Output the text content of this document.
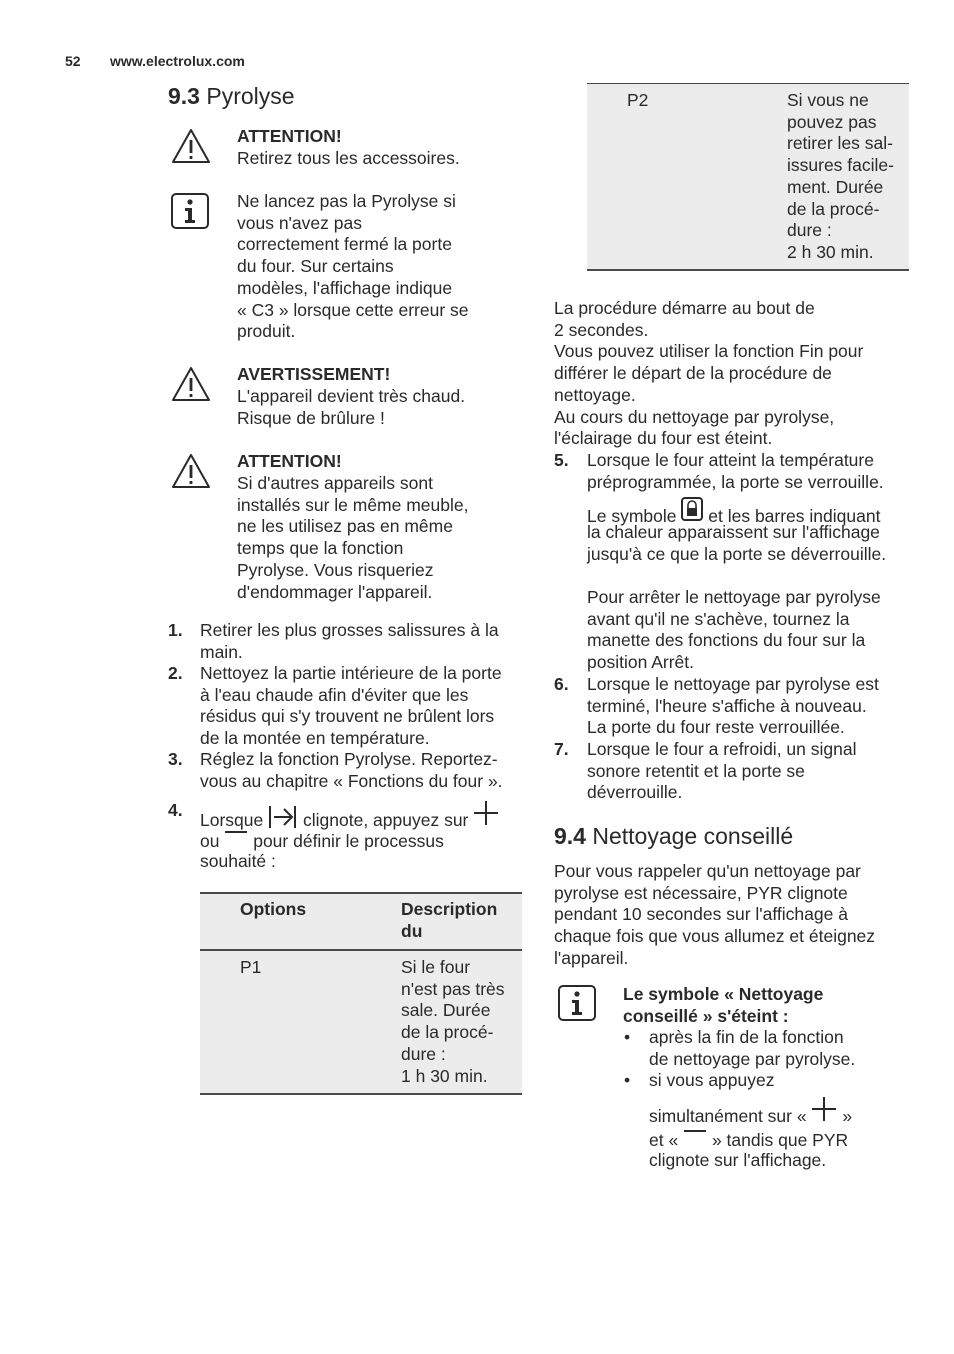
52 www.electrolux.com
9.3 Pyrolyse
ATTENTION!
Retirez tous les accessoires.
Ne lancez pas la Pyrolyse si
vous n'avez pas
correctement fermé la porte
du four. Sur certains
modèles, l'affichage indique
« C3 » lorsque cette erreur se
produit.
AVERTISSEMENT!
L'appareil devient très chaud.
Risque de brûlure !
ATTENTION!
Si d'autres appareils sont
installés sur le même meuble,
ne les utilisez pas en même
temps que la fonction
Pyrolyse. Vous risqueriez
d'endommager l'appareil.
1. Retirer les plus grosses salissures à la
main.
2. Nettoyez la partie intérieure de la porte
à l'eau chaude afin d'éviter que les
résidus qui s'y trouvent ne brûlent lors
de la montée en température.
3. Réglez la fonction Pyrolyse. Reportez-
vous au chapitre « Fonctions du four ».
4. Lorsque clignote, appuyez sur
ou pour définir le processus
souhaité :
Options	Description
du
P1	Si le four
n'est pas très
sale. Durée
de la procé-
dure :
1 h 30 min.
P2	Si vous ne
pouvez pas
retirer les sal-
issures facile-
ment. Durée
de la procé-
dure :
2 h 30 min.
La procédure démarre au bout de
2 secondes.
Vous pouvez utiliser la fonction Fin pour
différer le départ de la procédure de
nettoyage.
Au cours du nettoyage par pyrolyse,
l'éclairage du four est éteint.
5. Lorsque le four atteint la température
préprogrammée, la porte se verrouille.
Le symbole et les barres indiquant
la chaleur apparaissent sur l'affichage
jusqu'à ce que la porte se déverrouille.
Pour arrêter le nettoyage par pyrolyse
avant qu'il ne s'achève, tournez la
manette des fonctions du four sur la
position Arrêt.
6. Lorsque le nettoyage par pyrolyse est
terminé, l'heure s'affiche à nouveau.
La porte du four reste verrouillée.
7. Lorsque le four a refroidi, un signal
sonore retentit et la porte se
déverrouille.
9.4 Nettoyage conseillé
Pour vous rappeler qu'un nettoyage par
pyrolyse est nécessaire, PYR clignote
pendant 10 secondes sur l'affichage à
chaque fois que vous allumez et éteignez
l'appareil.
Le symbole « Nettoyage
conseillé » s'éteint :
• après la fin de la fonction
de nettoyage par pyrolyse.
• si vous appuyez
simultanément sur « »
et « » tandis que PYR
clignote sur l'affichage.
